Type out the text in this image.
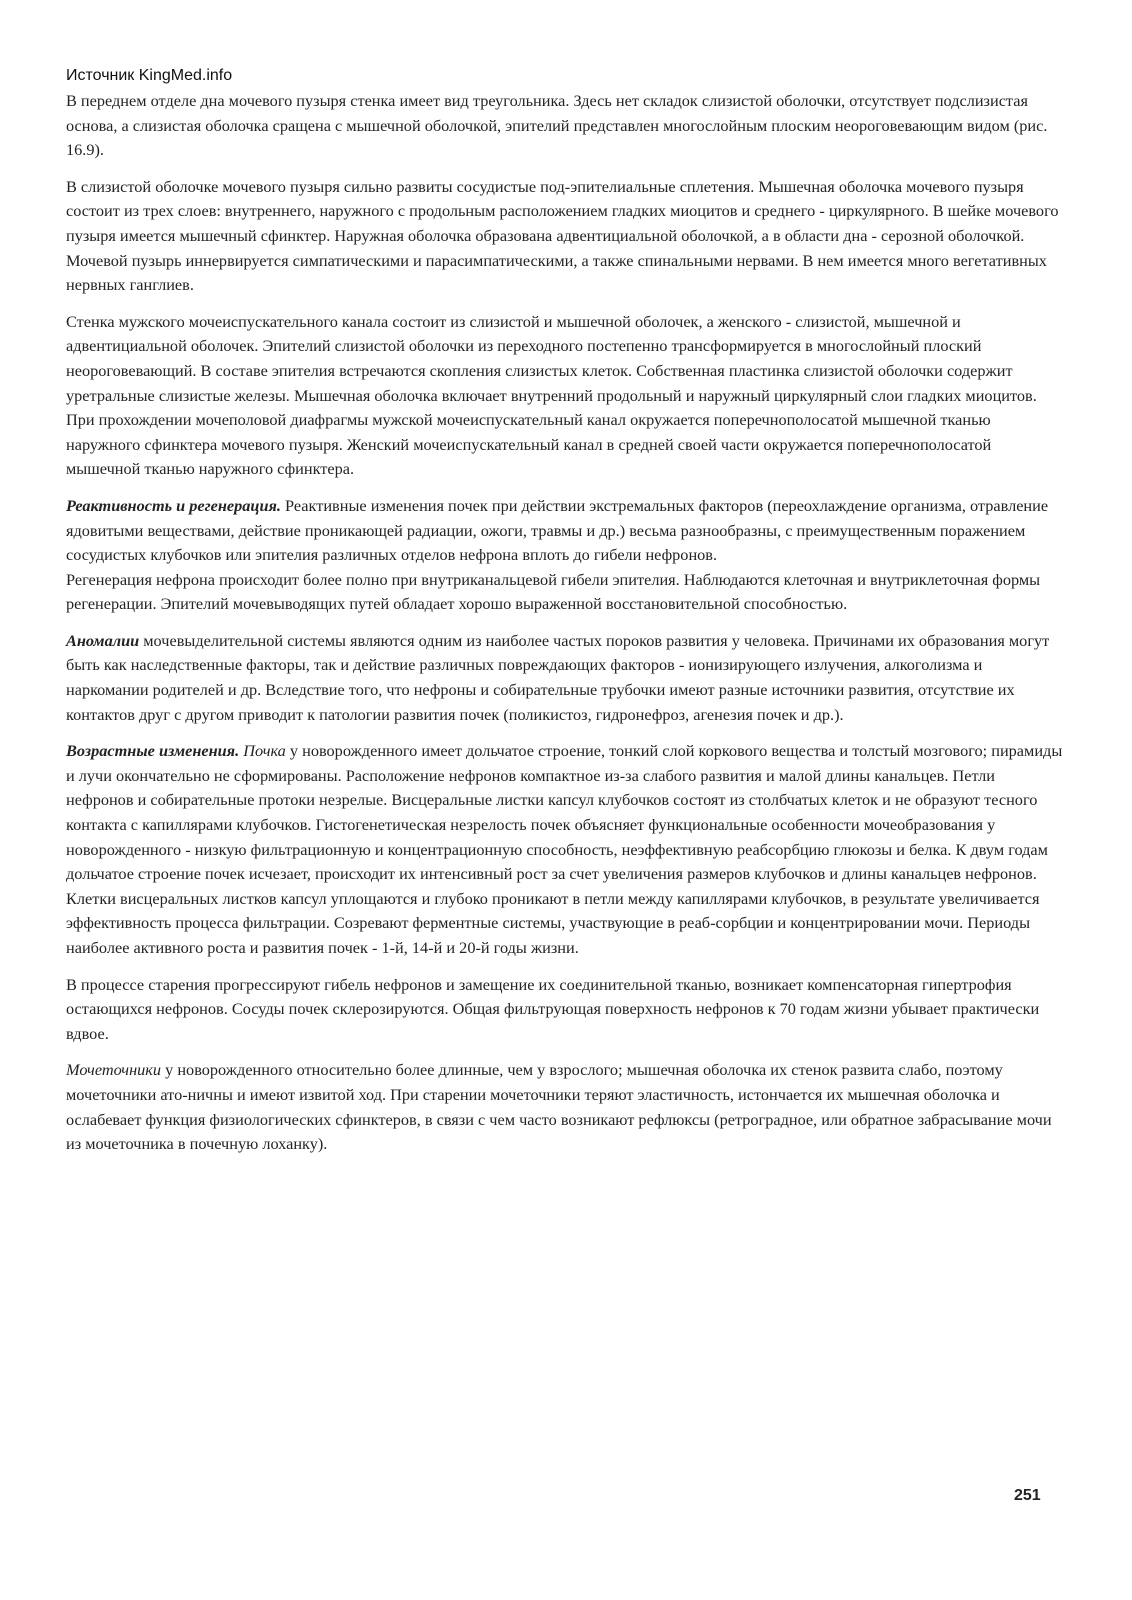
Источник KingMed.info

В переднем отделе дна мочевого пузыря стенка имеет вид треугольника. Здесь нет складок слизистой оболочки, отсутствует подслизистая основа, а слизистая оболочка сращена с мышечной оболочкой, эпителий представлен многослойным плоским неороговевающим видом (рис. 16.9).

В слизистой оболочке мочевого пузыря сильно развиты сосудистые под-эпителиальные сплетения. Мышечная оболочка мочевого пузыря состоит из трех слоев: внутреннего, наружного с продольным расположением гладких миоцитов и среднего - циркулярного. В шейке мочевого пузыря имеется мышечный сфинктер. Наружная оболочка образована адвентициальной оболочкой, а в области дна - серозной оболочкой. Мочевой пузырь иннервируется симпатическими и парасимпатическими, а также спинальными нервами. В нем имеется много вегетативных нервных ганглиев.

Стенка мужского мочеиспускательного канала состоит из слизистой и мышечной оболочек, а женского - слизистой, мышечной и адвентициальной оболочек. Эпителий слизистой оболочки из переходного постепенно трансформируется в многослойный плоский неороговевающий. В составе эпителия встречаются скопления слизистых клеток. Собственная пластинка слизистой оболочки содержит уретральные слизистые железы. Мышечная оболочка включает внутренний продольный и наружный циркулярный слои гладких миоцитов. При прохождении мочеполовой диафрагмы мужской мочеиспускательный канал окружается поперечнополосатой мышечной тканью наружного сфинктера мочевого пузыря. Женский мочеиспускательный канал в средней своей части окружается поперечнополосатой мышечной тканью наружного сфинктера.

Реактивность и регенерация. Реактивные изменения почек при действии экстремальных факторов (переохлаждение организма, отравление ядовитыми веществами, действие проникающей радиации, ожоги, травмы и др.) весьма разнообразны, с преимущественным поражением сосудистых клубочков или эпителия различных отделов нефрона вплоть до гибели нефронов.
Регенерация нефрона происходит более полно при внутриканальцевой гибели эпителия. Наблюдаются клеточная и внутриклеточная формы регенерации. Эпителий мочевыводящих путей обладает хорошо выраженной восстановительной способностью.

Аномалии мочевыделительной системы являются одним из наиболее частых пороков развития у человека. Причинами их образования могут быть как наследственные факторы, так и действие различных повреждающих факторов - ионизирующего излучения, алкоголизма и наркомании родителей и др. Вследствие того, что нефроны и собирательные трубочки имеют разные источники развития, отсутствие их контактов друг с другом приводит к патологии развития почек (поликистоз, гидронефроз, агенезия почек и др.).

Возрастные изменения. Почка у новорожденного имеет дольчатое строение, тонкий слой коркового вещества и толстый мозгового; пирамиды и лучи окончательно не сформированы. Расположение нефронов компактное из-за слабого развития и малой длины канальцев. Петли нефронов и собирательные протоки незрелые. Висцеральные листки капсул клубочков состоят из столбчатых клеток и не образуют тесного контакта с капиллярами клубочков. Гистогенетическая незрелость почек объясняет функциональные особенности мочеобразования у новорожденного - низкую фильтрационную и концентрационную способность, неэффективную реабсорбцию глюкозы и белка. К двум годам дольчатое строение почек исчезает, происходит их интенсивный рост за счет увеличения размеров клубочков и длины канальцев нефронов. Клетки висцеральных листков капсул уплощаются и глубоко проникают в петли между капиллярами клубочков, в результате увеличивается эффективность процесса фильтрации. Созревают ферментные системы, участвующие в реаб-сорбции и концентрировании мочи. Периоды наиболее активного роста и развития почек - 1-й, 14-й и 20-й годы жизни.

В процессе старения прогрессируют гибель нефронов и замещение их соединительной тканью, возникает компенсаторная гипертрофия остающихся нефронов. Сосуды почек склерозируются. Общая фильтрующая поверхность нефронов к 70 годам жизни убывает практически вдвое.

Мочеточники у новорожденного относительно более длинные, чем у взрослого; мышечная оболочка их стенок развита слабо, поэтому мочеточники ато-ничны и имеют извитой ход. При старении мочеточники теряют эластичность, истончается их мышечная оболочка и ослабевает функция физиологических сфинктеров, в связи с чем часто возникают рефлюксы (ретроградное, или обратное забрасывание мочи из мочеточника в почечную лоханку).

251
